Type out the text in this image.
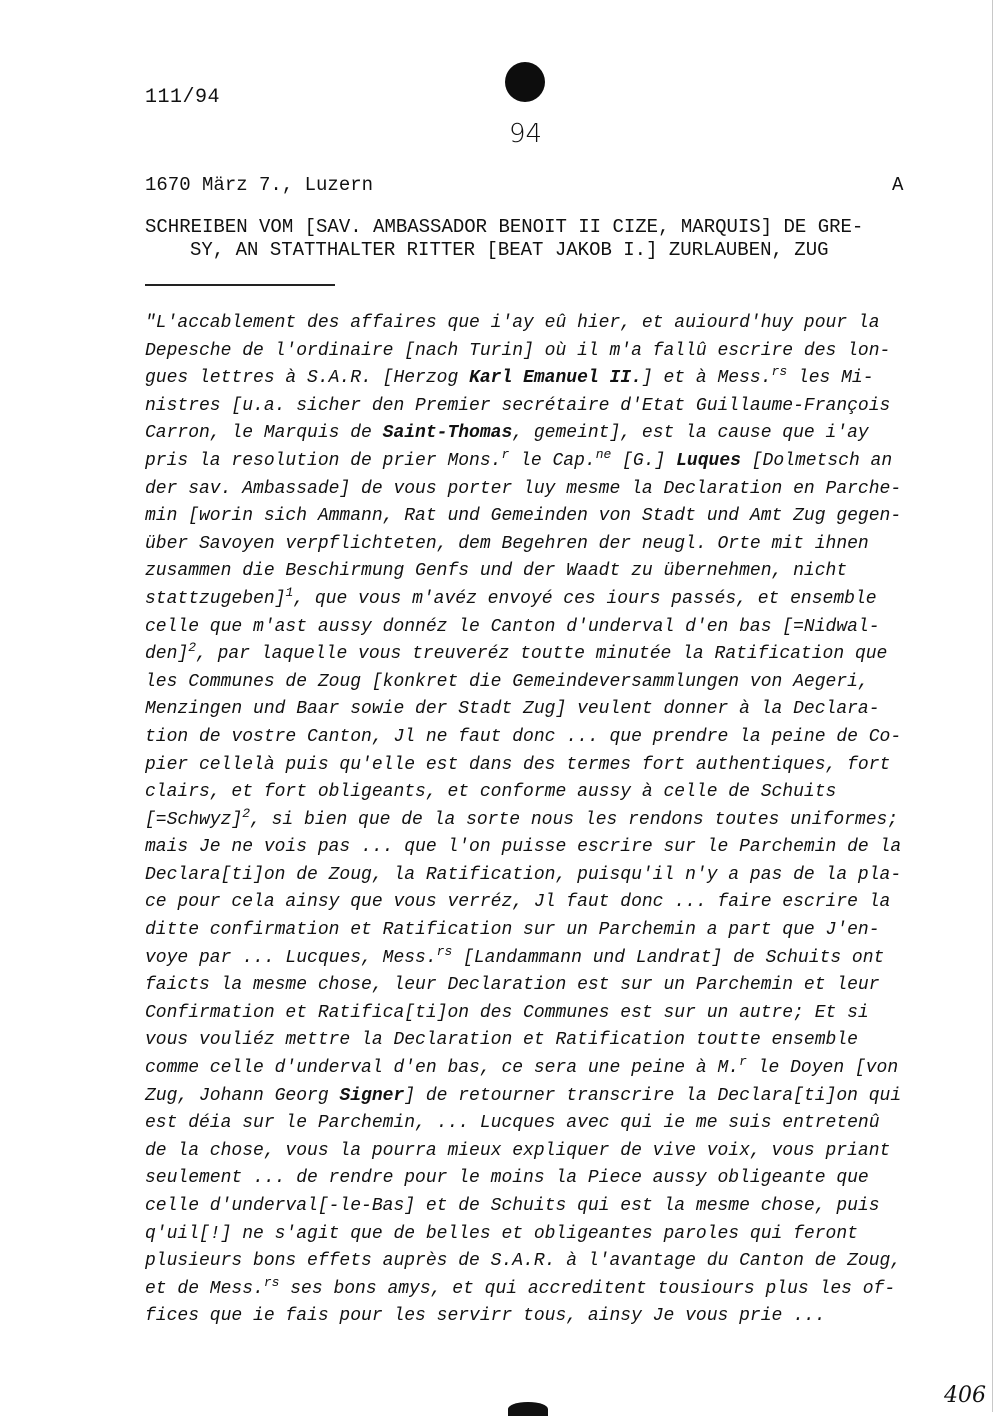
111/94
94
1670 März 7., Luzern	A
SCHREIBEN VOM [SAV. AMBASSADOR BENOIT II CIZE, MARQUIS] DE GRE-
SY, AN STATTHALTER RITTER [BEAT JAKOB I.] ZURLAUBEN, ZUG
"L'accablement des affaires que i'ay eû hier, et auiourd'huy pour la
Depesche de l'ordinaire [nach Turin] où il m'a fallû escrire des lon-
gues lettres à S.A.R. [Herzog Karl Emanuel II.] et à Mess.$^{rs}$ les Mi-
nistres [u.a. sicher den Premier secrétaire d'Etat Guillaume-François
Carron, le Marquis de Saint-Thomas, gemeint], est la cause que i'ay
pris la resolution de prier Mons.$^r$ le Cap.$^{ne}$ [G.] Luques [Dolmetsch an
der sav. Ambassade] de vous porter luy mesme la Declaration en Parche-
min [worin sich Ammann, Rat und Gemeinden von Stadt und Amt Zug gegen-
über Savoyen verpflichteten, dem Begehren der neugl. Orte mit ihnen
zusammen die Beschirmung Genfs und der Waadt zu übernehmen, nicht
stattzugeben]$^1$, que vous m'avéz envoyé ces iours passés, et ensemble
celle que m'ast aussy donnéz le Canton d'underval d'en bas [=Nidwal-
den]$^2$, par laquelle vous treuveréz toutte minutée la Ratification que
les Communes de Zoug [konkret die Gemeindeversammlungen von Aegeri,
Menzingen und Baar sowie der Stadt Zug] veulent donner à la Declara-
tion de vostre Canton, Jl ne faut donc ... que prendre la peine de Co-
pier cellelà puis qu'elle est dans des termes fort authentiques, fort
clairs, et fort obligeants, et conforme aussy à celle de Schuits
[=Schwyz]$^2$, si bien que de la sorte nous les rendons toutes uniformes;
mais Je ne vois pas ... que l'on puisse escrire sur le Parchemin de la
Declara[ti]on de Zoug, la Ratification, puisqu'il n'y a pas de la pla-
ce pour cela ainsy que vous verréz, Jl faut donc ... faire escrire la
ditte confirmation et Ratification sur un Parchemin a part que J'en-
voye par ... Lucques, Mess.$^{rs}$ [Landammann und Landrat] de Schuits ont
faicts la mesme chose, leur Declaration est sur un Parchemin et leur
Confirmation et Ratifica[ti]on des Communes est sur un autre; Et si
vous vouliéz mettre la Declaration et Ratification toutte ensemble
comme celle d'underval d'en bas, ce sera une peine à M.$^r$ le Doyen [von
Zug, Johann Georg Signer] de retourner transcrire la Declara[ti]on qui
est déia sur le Parchemin, ... Lucques avec qui ie me suis entretenû
de la chose, vous la pourra mieux expliquer de vive voix, vous priant
seulement ... de rendre pour le moins la Piece aussy obligeante que
celle d'underval[-le-Bas] et de Schuits qui est la mesme chose, puis
q'uil[!] ne s'agit que de belles et obligeantes paroles qui feront
plusieurs bons effets auprès de S.A.R. à l'avantage du Canton de Zoug,
et de Mess.$^{rs}$ ses bons amys, et qui accreditent tousiours plus les of-
fices que ie fais pour les servirr tous, ainsy Je vous prie ...
406
